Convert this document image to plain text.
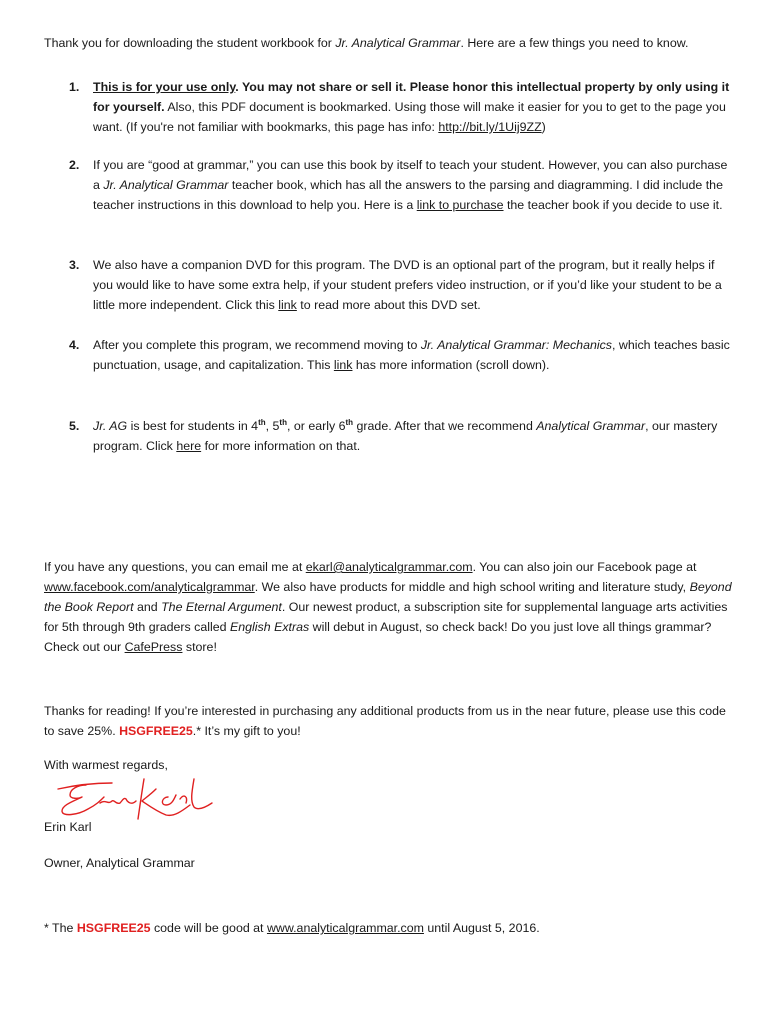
Thank you for downloading the student workbook for Jr. Analytical Grammar. Here are a few things you need to know.

1. This is for your use only. You may not share or sell it. Please honor this intellectual property by only using it for yourself. Also, this PDF document is bookmarked. Using those will make it easier for you to get to the page you want. (If you're not familiar with bookmarks, this page has info: http://bit.ly/1Uij9ZZ)
2. If you are “good at grammar,” you can use this book by itself to teach your student. However, you can also purchase a Jr. Analytical Grammar teacher book, which has all the answers to the parsing and diagramming. I did include the teacher instructions in this download to help you. Here is a link to purchase the teacher book if you decide to use it.
3. We also have a companion DVD for this program. The DVD is an optional part of the program, but it really helps if you would like to have some extra help, if your student prefers video instruction, or if you’d like your student to be a little more independent. Click this link to read more about this DVD set.
4. After you complete this program, we recommend moving to Jr. Analytical Grammar: Mechanics, which teaches basic punctuation, usage, and capitalization. This link has more information (scroll down).
5. Jr. AG is best for students in 4th, 5th, or early 6th grade. After that we recommend Analytical Grammar, our mastery program. Click here for more information on that.

If you have any questions, you can email me at ekarl@analyticalgrammar.com. You can also join our Facebook page at www.facebook.com/analyticalgrammar. We also have products for middle and high school writing and literature study, Beyond the Book Report and The Eternal Argument. Our newest product, a subscription site for supplemental language arts activities for 5th through 9th graders called English Extras will debut in August, so check back! Do you just love all things grammar? Check out our CafePress store!

Thanks for reading! If you’re interested in purchasing any additional products from us in the near future, please use this code to save 25%. HSGFREE25.* It’s my gift to you!

With warmest regards,

Erin Karl

Owner, Analytical Grammar

* The HSGFREE25 code will be good at www.analyticalgrammar.com until August 5, 2016.
